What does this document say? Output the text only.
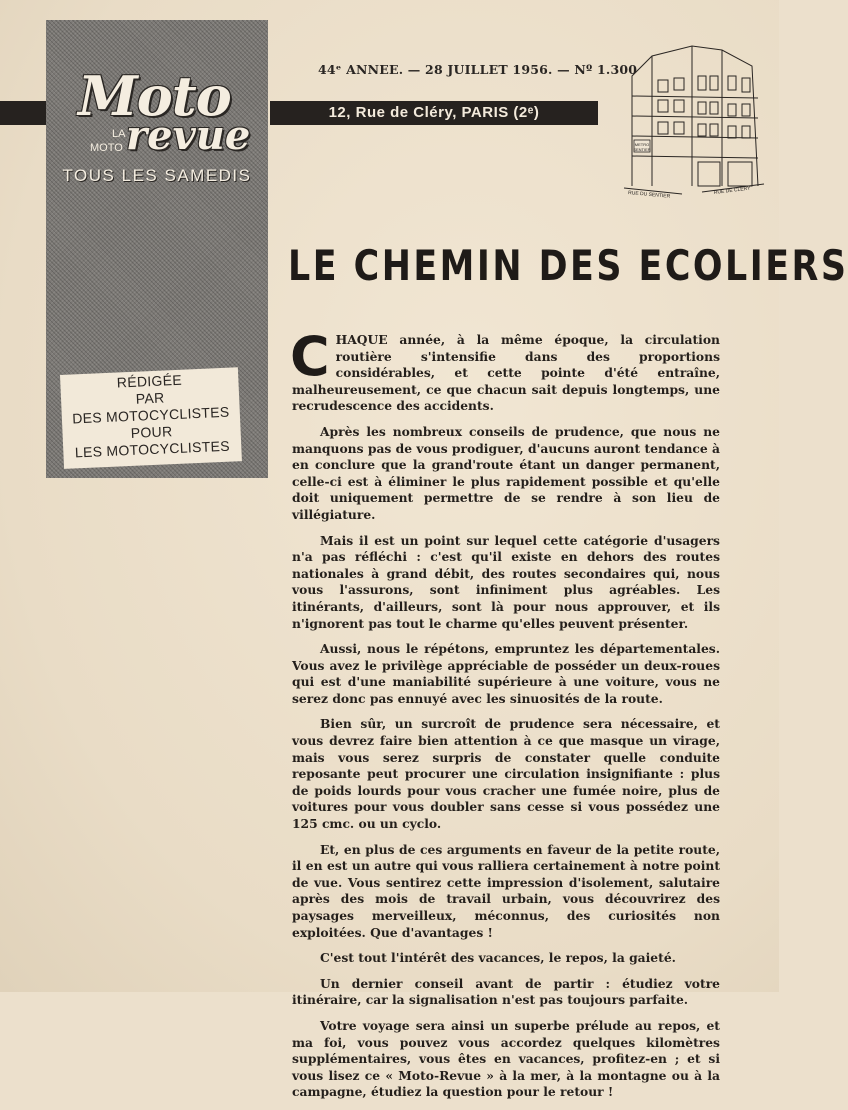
12, Rue de Cléry, PARIS (2ᵉ)
Moto
LA
MOTO revue
TOUS LES SAMEDIS
44ᵉ ANNEE. — 28 JUILLET 1956. — Nº 1.300
RÉDIGÉE
PAR
DES MOTOCYCLISTES
POUR
LES MOTOCYCLISTES
METRO
SENTIER
RUE DU SENTIER	RUE DE CLERY
LE CHEMIN DES ECOLIERS

CHAQUE année, à la même époque, la circulation routière s'intensifie dans des proportions considérables, et cette pointe d'été entraîne, malheureusement, ce que chacun sait depuis longtemps, une recrudescence des accidents.

Après les nombreux conseils de prudence, que nous ne manquons pas de vous prodiguer, d'aucuns auront tendance à en conclure que la grand'route étant un danger permanent, celle-ci est à éliminer le plus rapidement possible et qu'elle doit uniquement permettre de se rendre à son lieu de villégiature.

Mais il est un point sur lequel cette catégorie d'usagers n'a pas réfléchi : c'est qu'il existe en dehors des routes nationales à grand débit, des routes secondaires qui, nous vous l'assurons, sont infiniment plus agréables. Les itinérants, d'ailleurs, sont là pour nous approuver, et ils n'ignorent pas tout le charme qu'elles peuvent présenter.

Aussi, nous le répétons, empruntez les départementales. Vous avez le privilège appréciable de posséder un deux-roues qui est d'une maniabilité supérieure à une voiture, vous ne serez donc pas ennuyé avec les sinuosités de la route.

Bien sûr, un surcroît de prudence sera nécessaire, et vous devrez faire bien attention à ce que masque un virage, mais vous serez surpris de constater quelle conduite reposante peut procurer une circulation insignifiante : plus de poids lourds pour vous cracher une fumée noire, plus de voitures pour vous doubler sans cesse si vous possédez une 125 cmc. ou un cyclo.

Et, en plus de ces arguments en faveur de la petite route, il en est un autre qui vous ralliera certainement à notre point de vue. Vous sentirez cette impression d'isolement, salutaire après des mois de travail urbain, vous découvrirez des paysages merveilleux, méconnus, des curiosités non exploitées. Que d'avantages !

C'est tout l'intérêt des vacances, le repos, la gaieté.

Un dernier conseil avant de partir : étudiez votre itinéraire, car la signalisation n'est pas toujours parfaite.

Votre voyage sera ainsi un superbe prélude au repos, et ma foi, vous pouvez vous accordez quelques kilomètres supplémentaires, vous êtes en vacances, profitez-en ; et si vous lisez ce « Moto-Revue » à la mer, à la montagne ou à la campagne, étudiez la question pour le retour !
